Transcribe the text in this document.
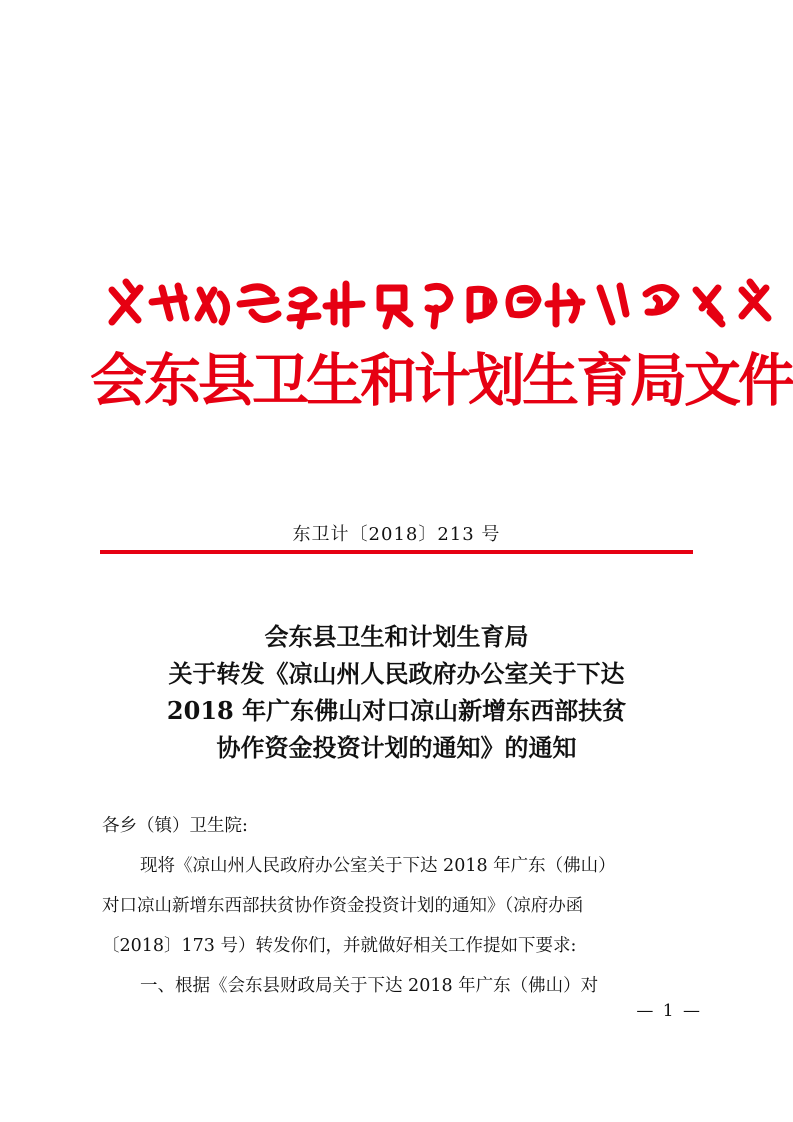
会东县卫生和计划生育局文件
东卫计〔2018〕213 号
会东县卫生和计划生育局
关于转发《凉山州人民政府办公室关于下达
2018 年广东佛山对口凉山新增东西部扶贫
协作资金投资计划的通知》的通知

各乡（镇）卫生院:

现将《凉山州人民政府办公室关于下达 2018 年广东（佛山）

对口凉山新增东西部扶贫协作资金投资计划的通知》（凉府办函

〔2018〕173 号）转发你们，并就做好相关工作提如下要求:

一、根据《会东县财政局关于下达 2018 年广东（佛山）对

— 1 —
